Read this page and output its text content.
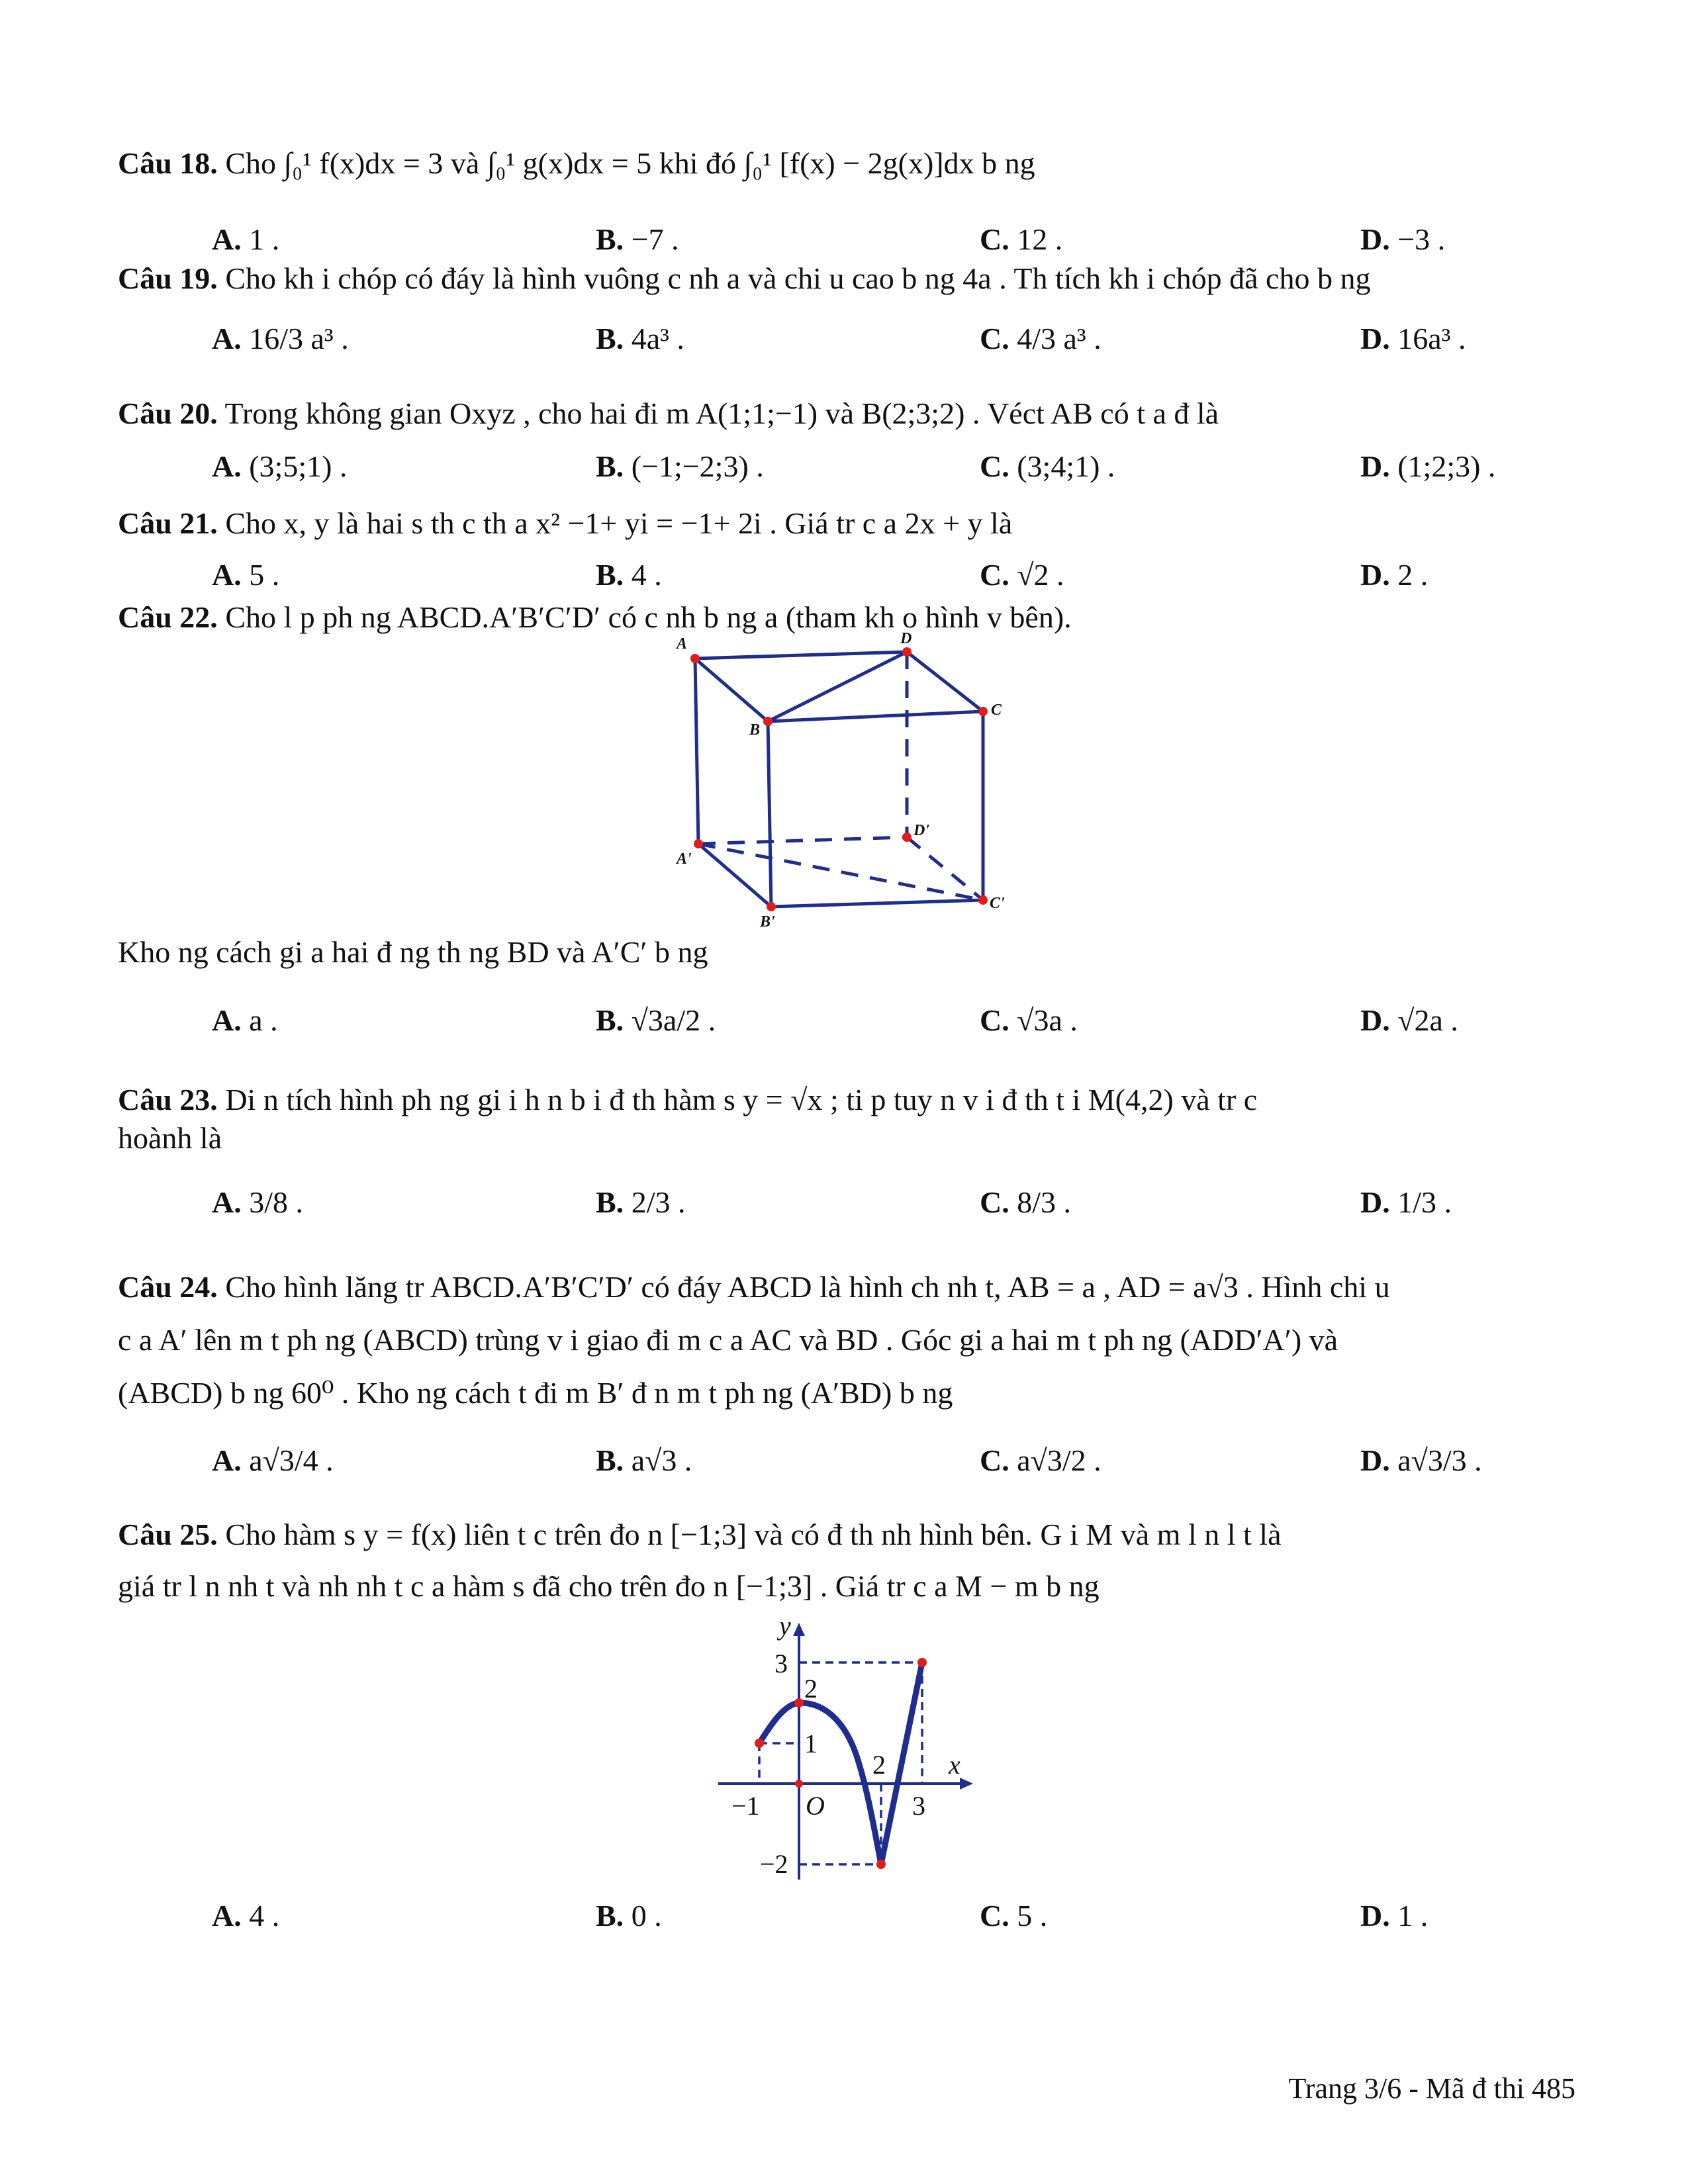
Câu 18. Cho ∫₀¹ f(x)dx = 3 và ∫₀¹ g(x)dx = 5 khi đó ∫₀¹ [f(x) − 2g(x)]dx b ng
A. 1 .	B. −7 .	C. 12 .	D. −3 .
Câu 19. Cho kh i chóp có đáy là hình vuông c nh a và chi u cao b ng 4a . Th tích kh i chóp đã cho b ng
A. 16/3 a³ .	B. 4a³ .	C. 4/3 a³ .	D. 16a³ .
Câu 20. Trong không gian Oxyz , cho hai đi m A(1;1;−1) và B(2;3;2) . Véct AB có t a đ là
A. (3;5;1) .	B. (−1;−2;3) .	C. (3;4;1) .	D. (1;2;3) .
Câu 21. Cho x, y là hai s th c th a x² −1+ yi = −1+ 2i . Giá tr c a 2x + y là
A. 5 .	B. 4 .	C. √2 .	D. 2 .
Câu 22. Cho l p ph ng ABCD.A′B′C′D′ có c nh b ng a (tham kh o hình v bên).
A	D
B
C
D'
A'
B'
C'
Kho ng cách gi a hai đ ng th ng BD và A′C′ b ng
A. a .	B. √3a/2 .	C. √3a .	D. √2a .
Câu 23. Di n tích hình ph ng gi i h n b i đ th hàm s y = √x ; ti p tuy n v i đ th t i M(4,2) và tr c
hoành là
A. 3/8 .	B. 2/3 .	C. 8/3 .	D. 1/3 .
Câu 24. Cho hình lăng tr ABCD.A′B′C′D′ có đáy ABCD là hình ch nh t, AB = a , AD = a√3 . Hình chi u
c a A′ lên m t ph ng (ABCD) trùng v i giao đi m c a AC và BD . Góc gi a hai m t ph ng (ADD′A′) và
(ABCD) b ng 60⁰ . Kho ng cách t đi m B′ đ n m t ph ng (A′BD) b ng
A. a√3/4 .	B. a√3 .	C. a√3/2 .	D. a√3/3 .
Câu 25. Cho hàm s y = f(x) liên t c trên đo n [−1;3] và có đ th nh hình bên. G i M và m l n l t là
giá tr l n nh t và nh nh t c a hàm s đã cho trên đo n [−1;3] . Giá tr c a M − m b ng
y
x
O
3
2
1
−2
−1
2
3
A. 4 .	B. 0 .	C. 5 .	D. 1 .
Trang 3/6 - Mã đ thi 485
